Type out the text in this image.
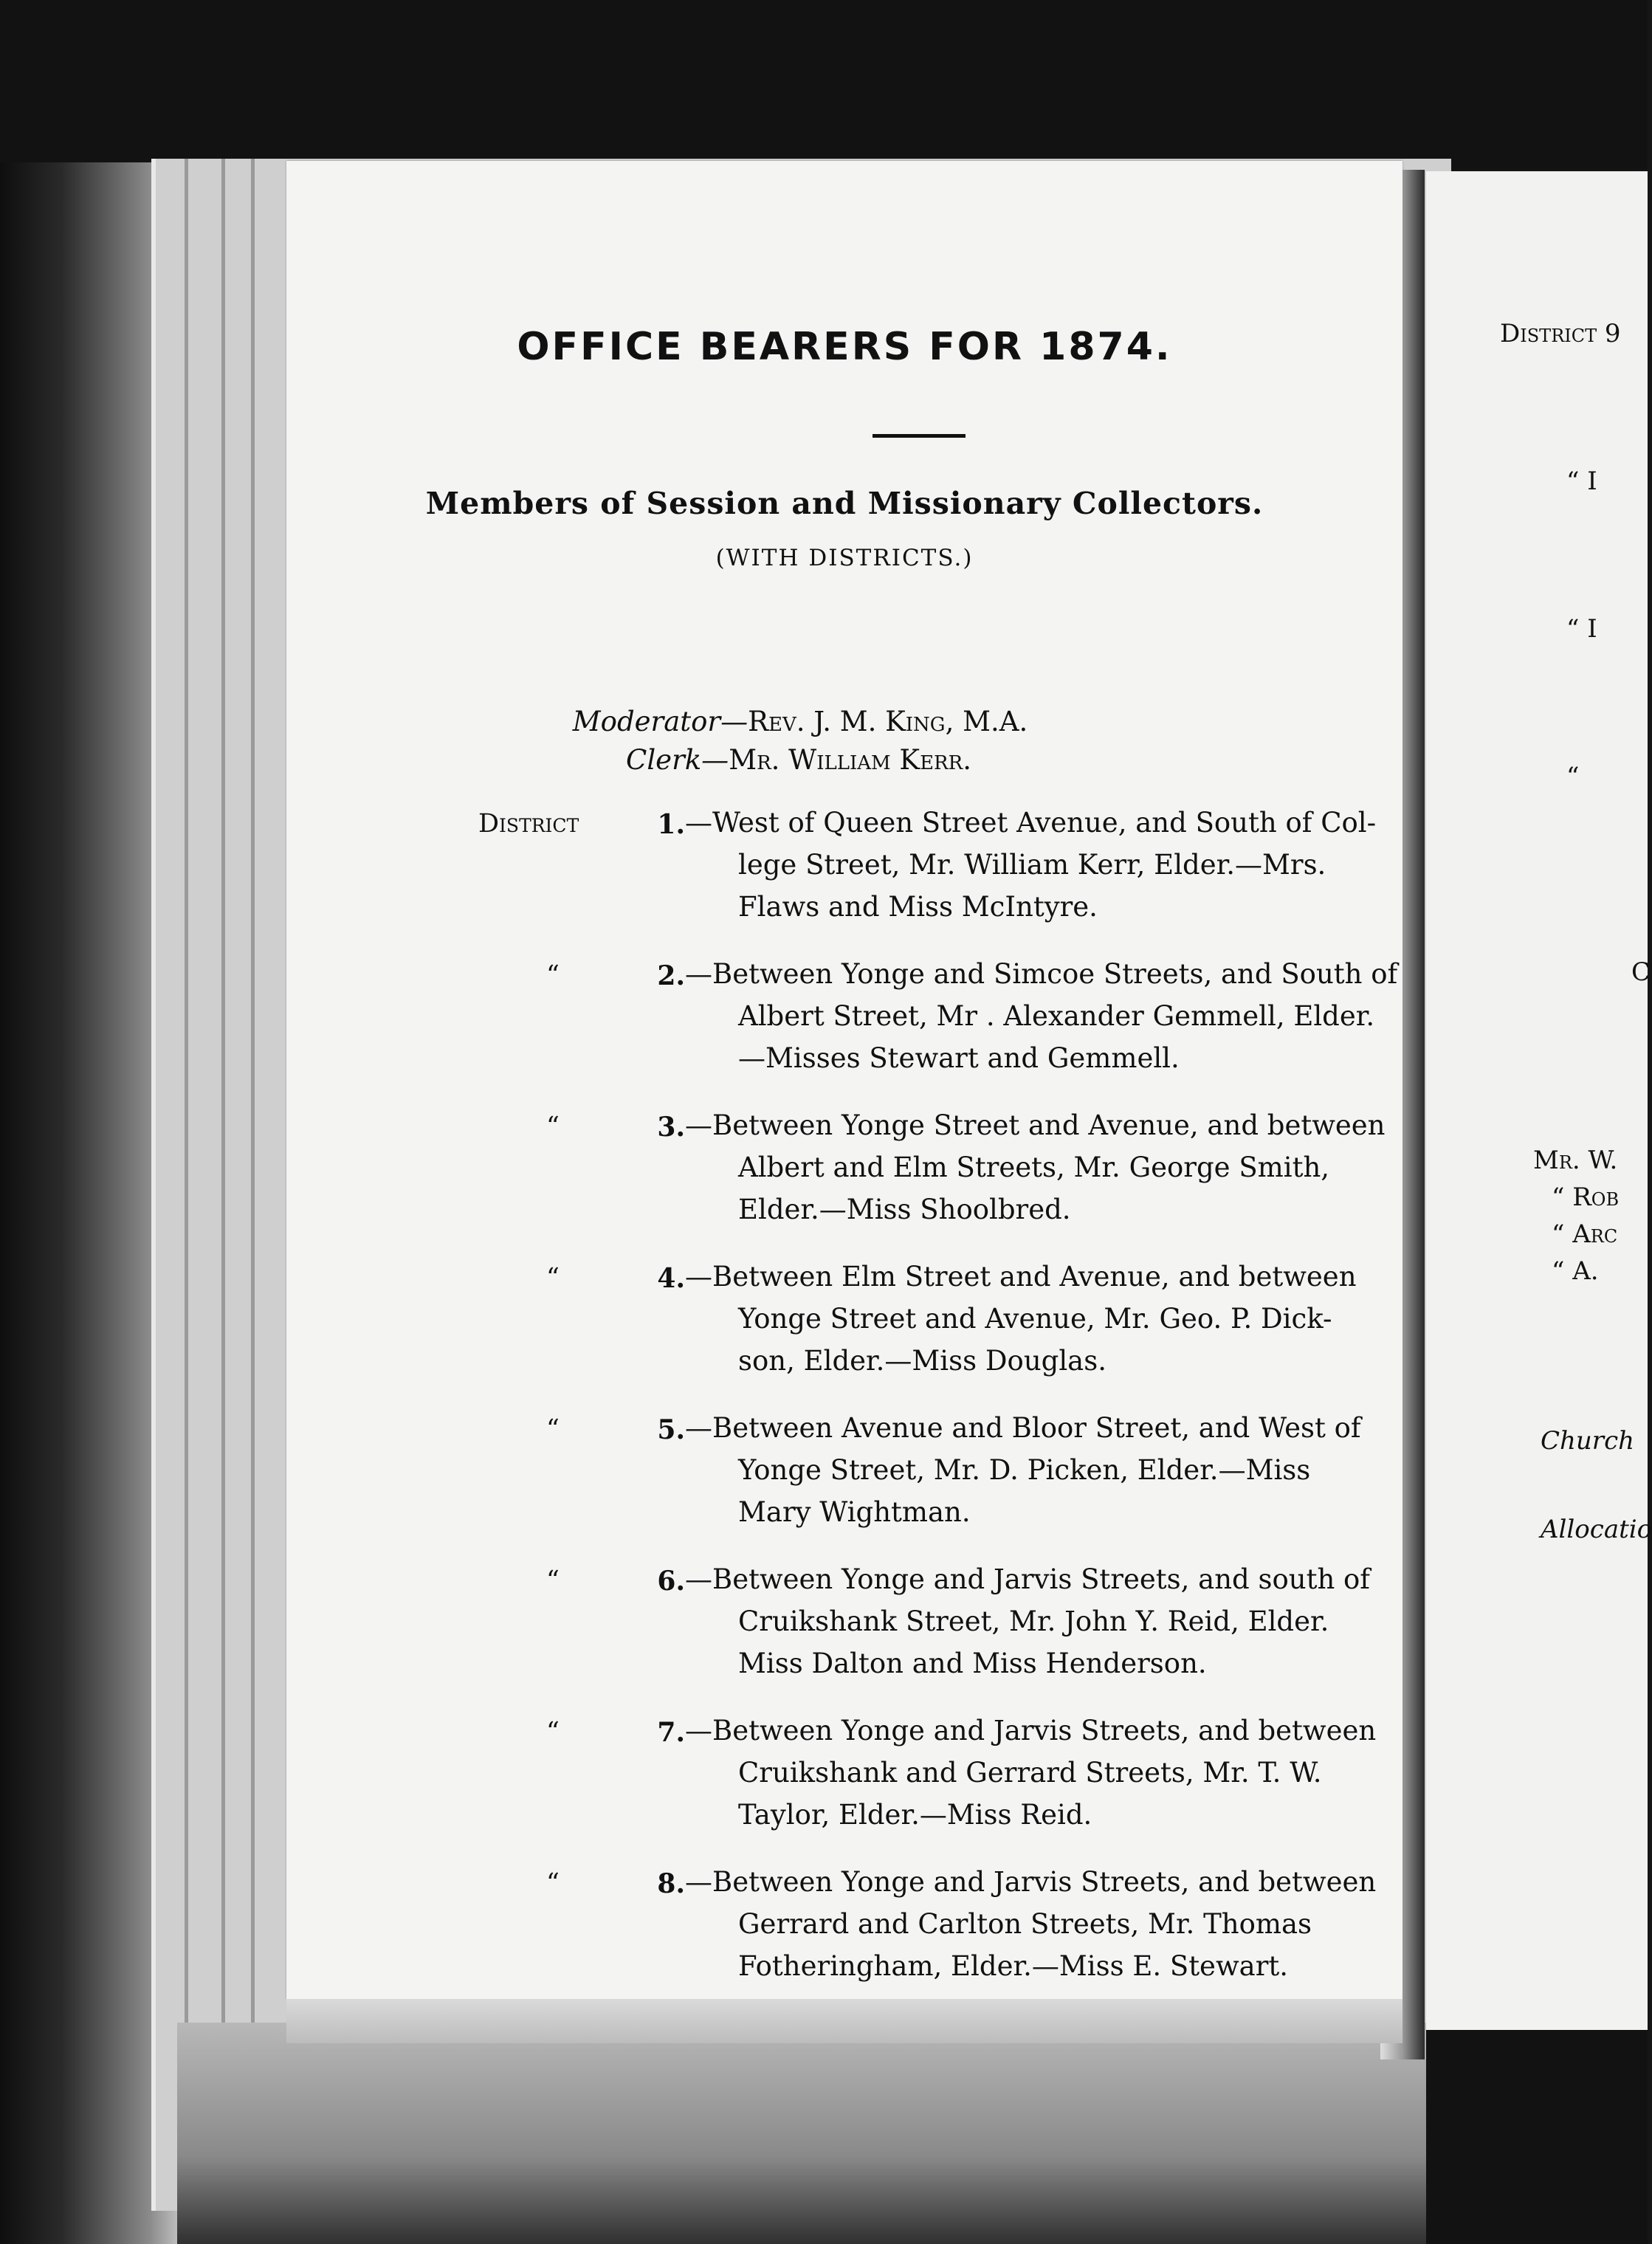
OFFICE BEARERS FOR 1874.
Members of Session and Missionary Collectors.
(WITH DISTRICTS.)
Moderator—Rev. J. M. King, M.A.
Clerk—Mr. William Kerr.
District	1. —West of Queen Street Avenue, and South of Col-
lege Street, Mr. William Kerr, Elder.—Mrs.
Flaws and Miss McIntyre.
“	2. —Between Yonge and Simcoe Streets, and South of
Albert Street, Mr . Alexander Gemmell, Elder.
—Misses Stewart and Gemmell.
“	3. —Between Yonge Street and Avenue, and between
Albert and Elm Streets, Mr. George Smith,
Elder.—Miss Shoolbred.
“	4. —Between Elm Street and Avenue, and between
Yonge Street and Avenue, Mr. Geo. P. Dick-
son, Elder.—Miss Douglas.
“	5. —Between Avenue and Bloor Street, and West of
Yonge Street, Mr. D. Picken, Elder.—Miss
Mary Wightman.
“	6. —Between Yonge and Jarvis Streets, and south of
Cruikshank Street, Mr. John Y. Reid, Elder.
Miss Dalton and Miss Henderson.
“	7. —Between Yonge and Jarvis Streets, and between
Cruikshank and Gerrard Streets, Mr. T. W.
Taylor, Elder.—Miss Reid.
“	8. —Between Yonge and Jarvis Streets, and between
Gerrard and Carlton Streets, Mr. Thomas
Fotheringham, Elder.—Miss E. Stewart.
District 9
“ I
“ I
“
C
Mr. W.
“ Rob
“ Arc
“ A.
Church
Allocatio
